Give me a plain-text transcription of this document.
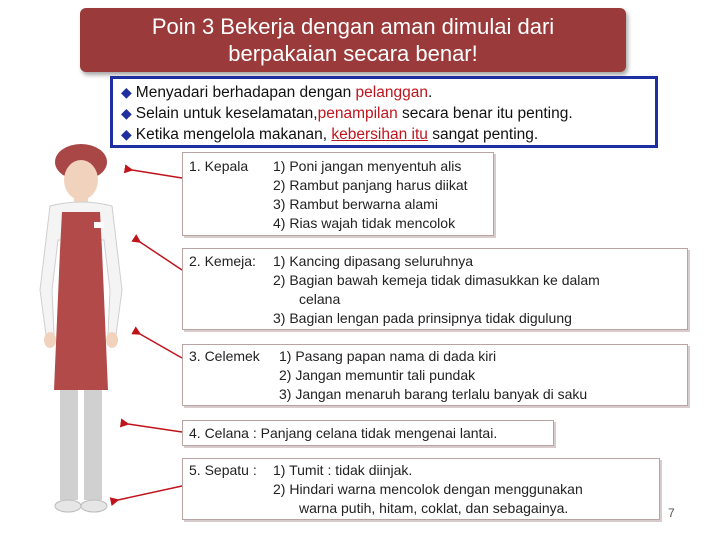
Poin 3 Bekerja dengan aman dimulai dari
berpakaian secara benar!
◆ Menyadari berhadapan dengan pelanggan.
◆ Selain untuk keselamatan,penampilan secara benar itu penting.
◆ Ketika mengelola makanan, kebersihan itu sangat penting.
1. Kepala 1) Poni jangan menyentuh alis
2) Rambut panjang harus diikat
3) Rambut berwarna alami
4) Rias wajah tidak mencolok
2. Kemeja: 1) Kancing dipasang seluruhnya
2) Bagian bawah kemeja tidak dimasukkan ke dalam
celana
3) Bagian lengan pada prinsipnya tidak digulung
3. Celemek 1) Pasang papan nama di dada kiri
2) Jangan memuntir tali pundak
3) Jangan menaruh barang terlalu banyak di saku
4. Celana : Panjang celana tidak mengenai lantai.
5. Sepatu : 1) Tumit : tidak diinjak.
2) Hindari warna mencolok dengan menggunakan
warna putih, hitam, coklat, dan sebagainya.	7
